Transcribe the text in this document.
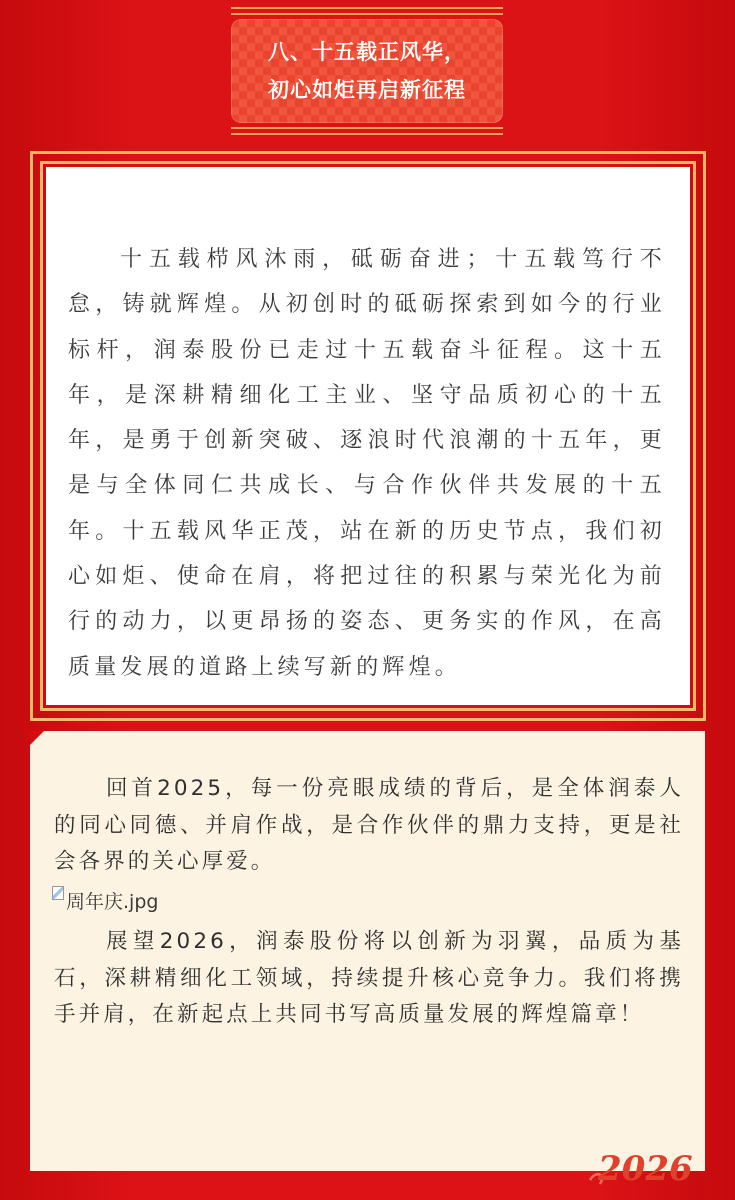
八、十五载正风华，
初心如炬再启新征程

十五载栉风沐雨，砥砺奋进；十五载笃行不怠，铸就辉煌。从初创时的砥砺探索到如今的行业标杆，润泰股份已走过十五载奋斗征程。这十五年，是深耕精细化工主业、坚守品质初心的十五年，是勇于创新突破、逐浪时代浪潮的十五年，更是与全体同仁共成长、与合作伙伴共发展的十五年。十五载风华正茂，站在新的历史节点，我们初心如炬、使命在肩，将把过往的积累与荣光化为前行的动力，以更昂扬的姿态、更务实的作风，在高质量发展的道路上续写新的辉煌。

回首2025，每一份亮眼成绩的背后，是全体润泰人的同心同德、并肩作战，是合作伙伴的鼎力支持，更是社会各界的关心厚爱。

周年庆.jpg

展望2026，润泰股份将以创新为羽翼，品质为基石，深耕精细化工领域，持续提升核心竞争力。我们将携手并肩，在新起点上共同书写高质量发展的辉煌篇章！

2026
